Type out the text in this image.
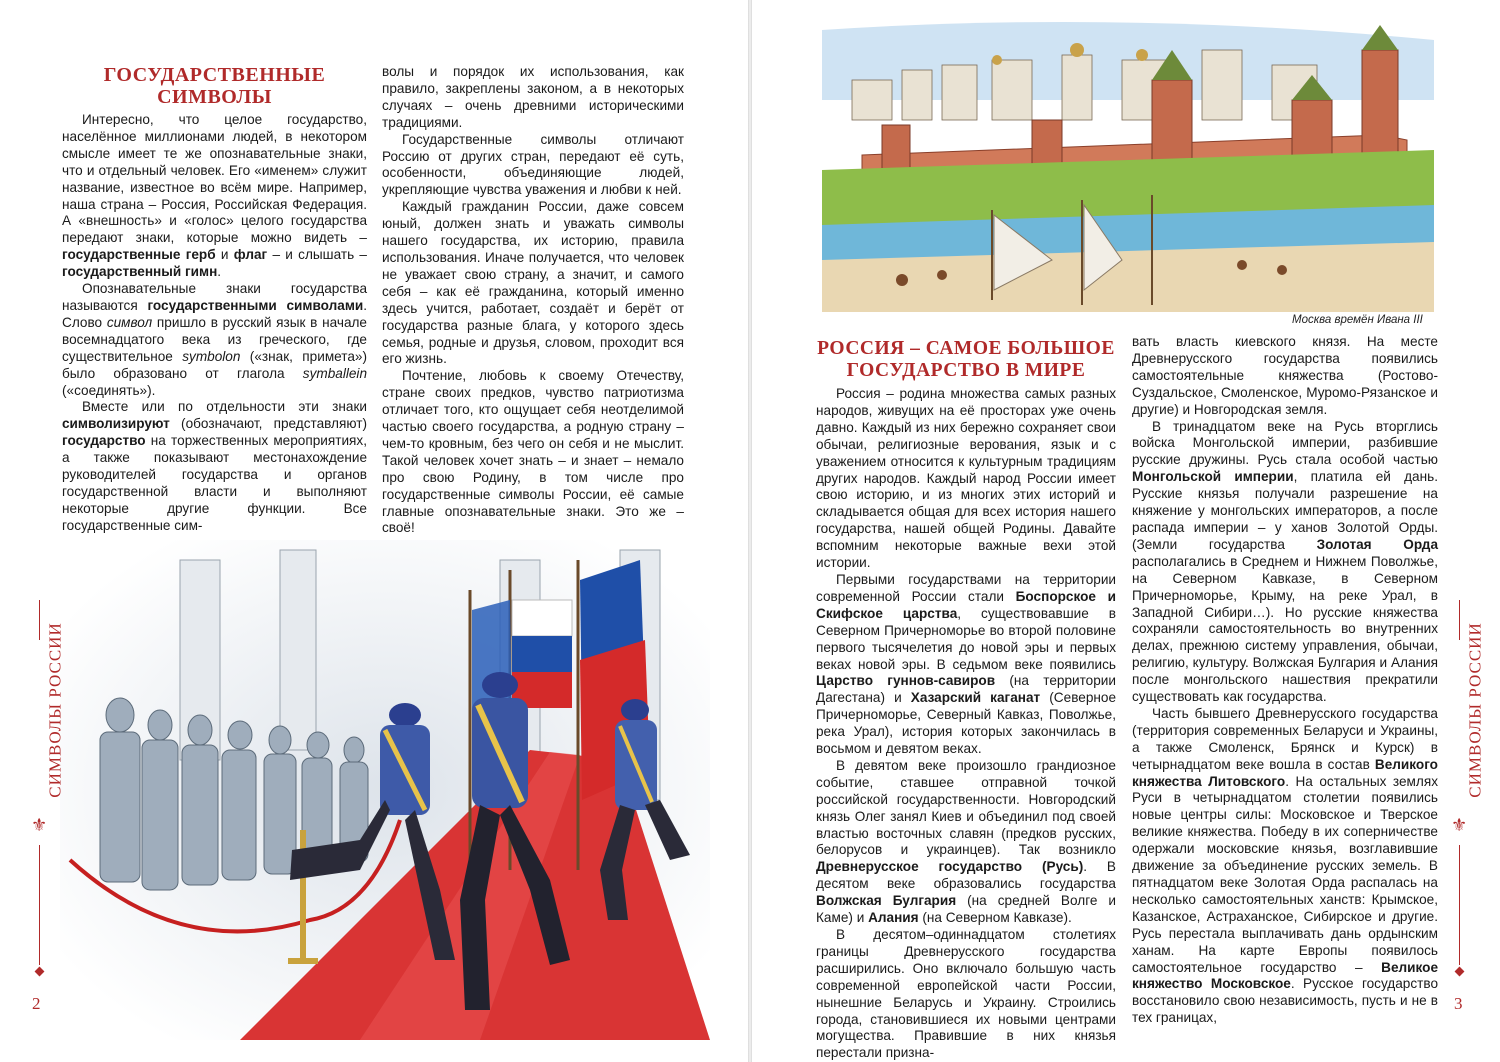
ГОСУДАРСТВЕННЫЕ
СИМВОЛЫ

Интересно, что целое государство, населённое миллионами людей, в некотором смысле имеет те же опознавательные знаки, что и отдельный человек. Его «именем» служит название, известное во всём мире. Например, наша страна – Россия, Российская Федерация. А «внешность» и «голос» целого государства передают знаки, которые можно видеть – государственные герб и флаг – и слышать – государственный гимн.

Опознавательные знаки государства называются государственными символами. Слово символ пришло в русский язык в начале восемнадцатого века из греческого, где существительное symbolon («знак, примета») было образовано от глагола symballein («соединять»).

Вместе или по отдельности эти знаки символизируют (обозначают, представляют) государство на торжественных мероприятиях, а также показывают местонахождение руководителей государства и органов государственной власти и выполняют некоторые другие функции. Все государственные сим-

волы и порядок их использования, как правило, закреплены законом, а в некоторых случаях – очень древними историческими традициями.

Государственные символы отличают Россию от других стран, передают её суть, особенности, объединяющие людей, укрепляющие чувства уважения и любви к ней.

Каждый гражданин России, даже совсем юный, должен знать и уважать символы нашего государства, их историю, правила использования. Иначе получается, что человек не уважает свою страну, а значит, и самого себя – как её гражданина, который именно здесь учится, работает, создаёт и берёт от государства разные блага, у которого здесь семья, родные и друзья, словом, проходит вся его жизнь.

Почтение, любовь к своему Отечеству, стране своих предков, чувство патриотизма отличает того, кто ощущает себя неотделимой частью своего государства, а родную страну – чем-то кровным, без чего он себя и не мыслит. Такой человек хочет знать – и знает – немало про свою Родину, в том числе про государственные символы России, её самые главные опознавательные знаки. Это же – своё!

СИМВОЛЫ РОССИИ
⚜
2
Москва времён Ивана III
РОССИЯ – САМОЕ БОЛЬШОЕ
ГОСУДАРСТВО В МИРЕ

Россия – родина множества самых разных народов, живущих на её просторах уже очень давно. Каждый из них бережно сохраняет свои обычаи, религиозные верования, язык и с уважением относится к культурным традициям других народов. Каждый народ России имеет свою историю, и из многих этих историй и складывается общая для всех история нашего государства, нашей общей Родины. Давайте вспомним некоторые важные вехи этой истории.

Первыми государствами на территории современной России стали Боспорское и Скифское царства, существовавшие в Северном Причерноморье во второй половине первого тысячелетия до новой эры и первых веках новой эры. В седьмом веке появились Царство гуннов-савиров (на территории Дагестана) и Хазарский каганат (Северное Причерноморье, Северный Кавказ, Поволжье, река Урал), история которых закончилась в восьмом и девятом веках.

В девятом веке произошло грандиозное событие, ставшее отправной точкой российской государственности. Новгородский князь Олег занял Киев и объединил под своей властью восточных славян (предков русских, белорусов и украинцев). Так возникло Древнерусское государство (Русь). В десятом веке образовались государства Волжская Булгария (на средней Волге и Каме) и Алания (на Северном Кавказе).

В десятом–одиннадцатом столетиях границы Древнерусского государства расширились. Оно включало большую часть современной европейской части России, нынешние Беларусь и Украину. Строились города, становившиеся их новыми центрами могущества. Правившие в них князья перестали призна-

вать власть киевского князя. На месте Древнерусского государства появились самостоятельные княжества (Ростово-Суздальское, Смоленское, Муромо-Рязанское и другие) и Новгородская земля.

В тринадцатом веке на Русь вторглись войска Монгольской империи, разбившие русские дружины. Русь стала особой частью Монгольской империи, платила ей дань. Русские князья получали разрешение на княжение у монгольских императоров, а после распада империи – у ханов Золотой Орды. (Земли государства Золотая Орда располагались в Среднем и Нижнем Поволжье, на Северном Кавказе, в Северном Причерноморье, Крыму, на реке Урал, в Западной Сибири…). Но русские княжества сохраняли самостоятельность во внутренних делах, прежнюю систему управления, обычаи, религию, культуру. Волжская Булгария и Алания после монгольского нашествия прекратили существовать как государства.

Часть бывшего Древнерусского государства (территория современных Беларуси и Украины, а также Смоленск, Брянск и Курск) в четырнадцатом веке вошла в состав Великого княжества Литовского. На остальных землях Руси в четырнадцатом столетии появились новые центры силы: Московское и Тверское великие княжества. Победу в их соперничестве одержали московские князья, возглавившие движение за объединение русских земель. В пятнадцатом веке Золотая Орда распалась на несколько самостоятельных ханств: Крымское, Казанское, Астраханское, Сибирское и другие. Русь перестала выплачивать дань ордынским ханам. На карте Европы появилось самостоятельное государство – Великое княжество Московское. Русское государство восстановило свою независимость, пусть и не в тех границах,

СИМВОЛЫ РОССИИ
⚜
3
